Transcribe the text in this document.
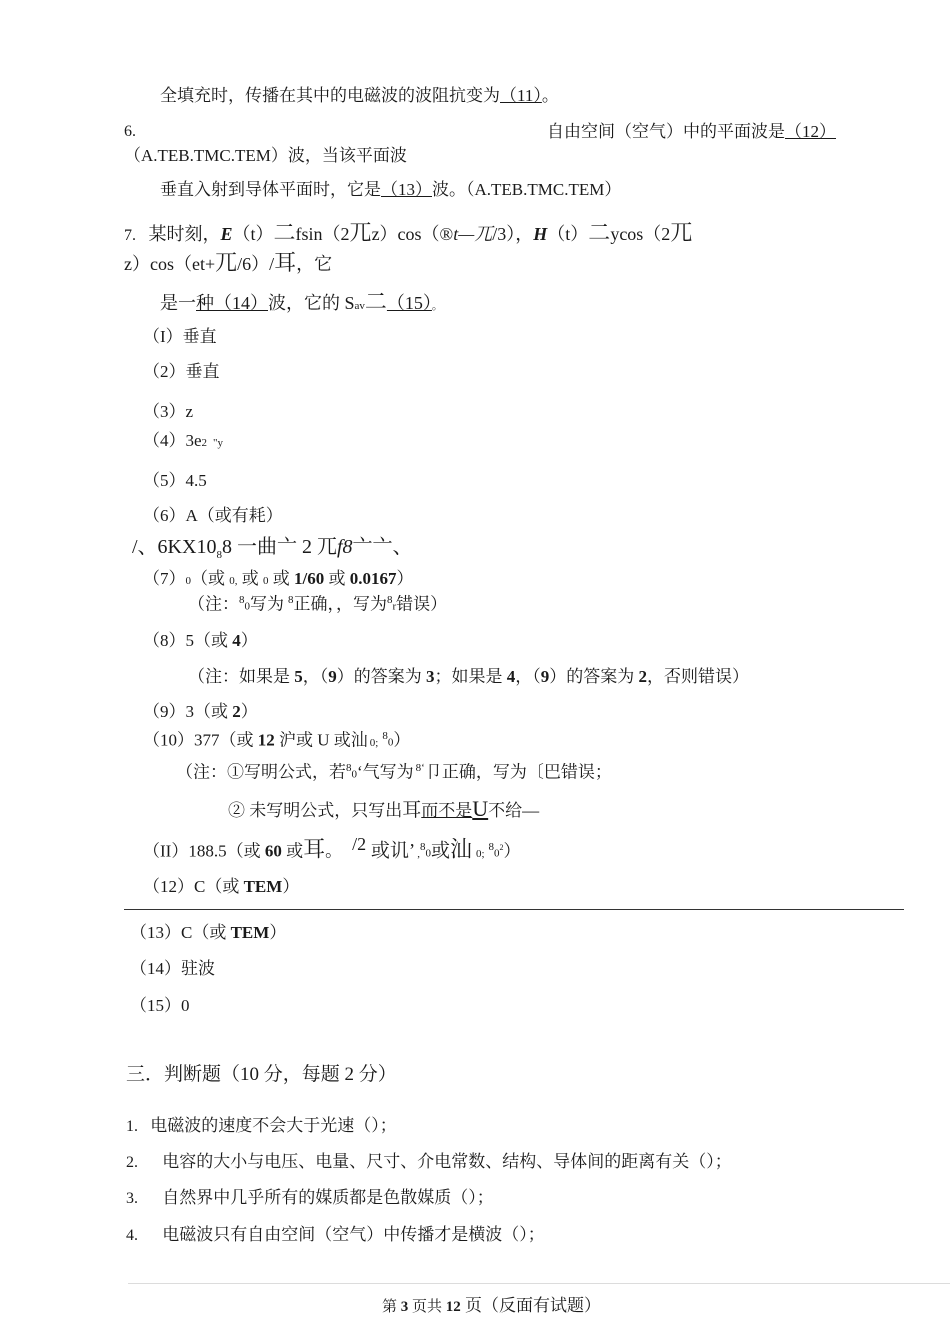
全填充时，传播在其中的电磁波的波阻抗变为（11）。
6.	自由空间（空气）中的平面波是（12）
（A.TEB.TMC.TEM）波，当该平面波
垂直入射到导体平面时，它是（13）波。（A.TEB.TMC.TEM）
7. 某时刻，E（t）二fsin（2兀z）cos（®t—兀/3），H（t）二ycos（2兀
z）cos（et+兀/6）/耳，它
是一种（14）波，它的 Sav二（15）。
（I）垂直
（2）垂直
（3）z
（4）3e2 "y
（5）4.5
（6）A（或有耗）
/、$6KX10_88$ 一曲亠 2 兀f8亠亠、
（7）0（或 0, 或 0 或 1/60 或 0.0167）
（注：$^8$0写为 $^8$正确，，写为$^8$r错误）
（8）5（或 4）
（注：如果是 5，（9）的答案为 3；如果是 4，（9）的答案为 2，否则错误）
（9）3（或 2）
（10）377（或 12 沪或 U 或汕 0;$^8$0）
（注：①写明公式，若$^8$0‘气写为 $^{8‘}$卩正确，写为〔巴错误；
② 未写明公式，只写出耳而不是U不给—
（II）188.5（或 60 或耳。 /2 或讥’ ,$^8$0或汕 $0;^80^2$）
（12）C（或 TEM）
（13）C（或 TEM）
（14）驻波
（15）0
三．判断题（10 分，每题 2 分）
1. 电磁波的速度不会大于光速（）；
2. 电容的大小与电压、电量、尺寸、介电常数、结构、导体间的距离有关（）；
3. 自然界中几乎所有的媒质都是色散媒质（）；
4. 电磁波只有自由空间（空气）中传播才是横波（）；
第 3 页共 12 页（反面有试题）
